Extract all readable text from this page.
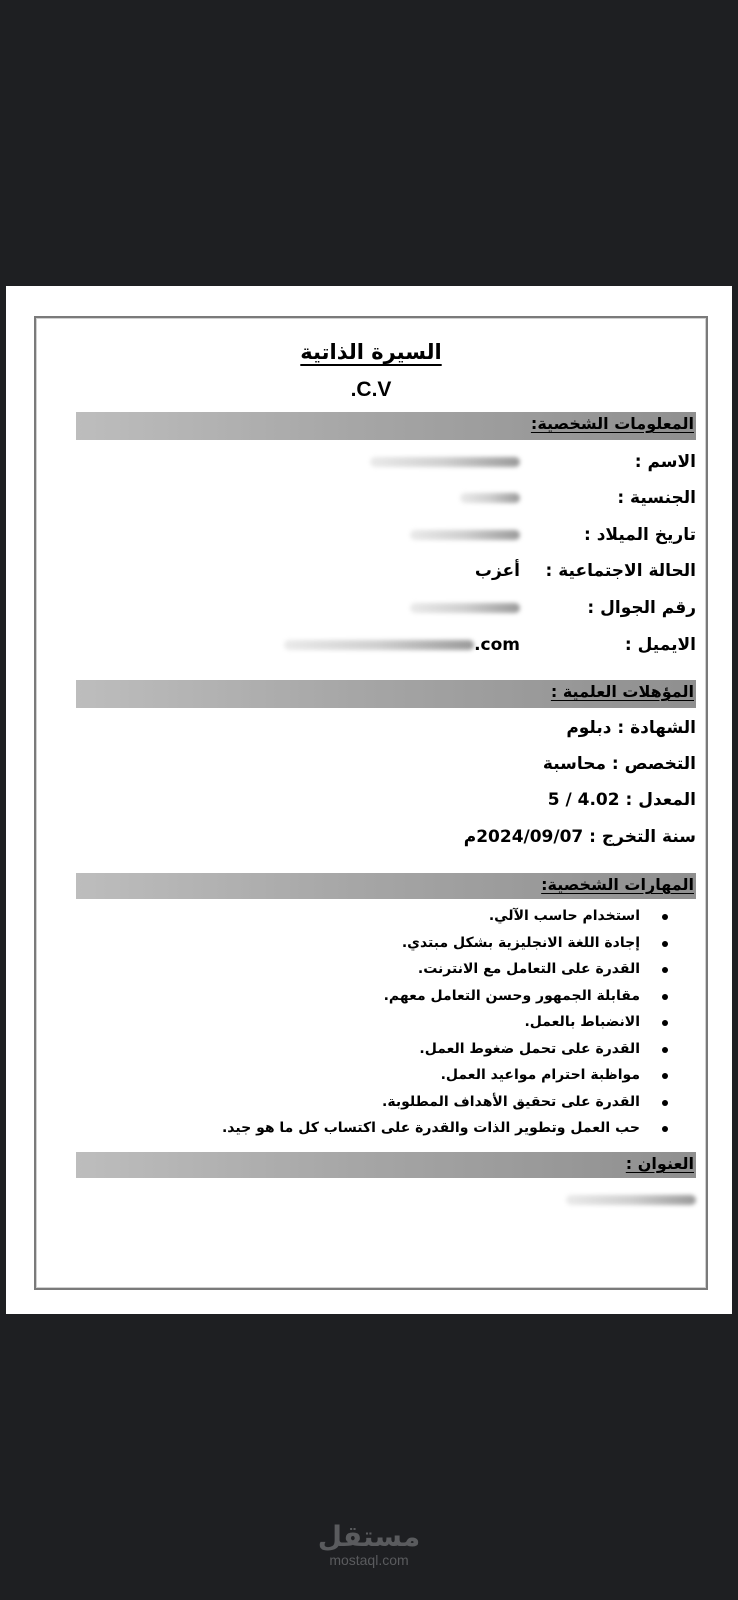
السيرة الذاتية
C.V.
المعلومات الشخصية:
الاسم :
الجنسية :
تاريخ الميلاد :
الحالة الاجتماعية :
أعزب
رقم الجوال :
الايميل :
.com
المؤهلات العلمية :
الشهادة : دبلوم
التخصص : محاسبة
المعدل : 4.02 / 5
سنة التخرج : 2024/09/07م
المهارات الشخصية:
استخدام حاسب الآلي.
إجادة اللغة الانجليزية بشكل مبتدي.
القدرة على التعامل مع الانترنت.
مقابلة الجمهور وحسن التعامل معهم.
الانضباط بالعمل.
القدرة على تحمل ضغوط العمل.
مواظبة احترام مواعيد العمل.
القدرة على تحقيق الأهداف المطلوبة.
حب العمل وتطوير الذات والقدرة على اكتساب كل ما هو جيد.
العنوان :
مستقل
mostaql.com
